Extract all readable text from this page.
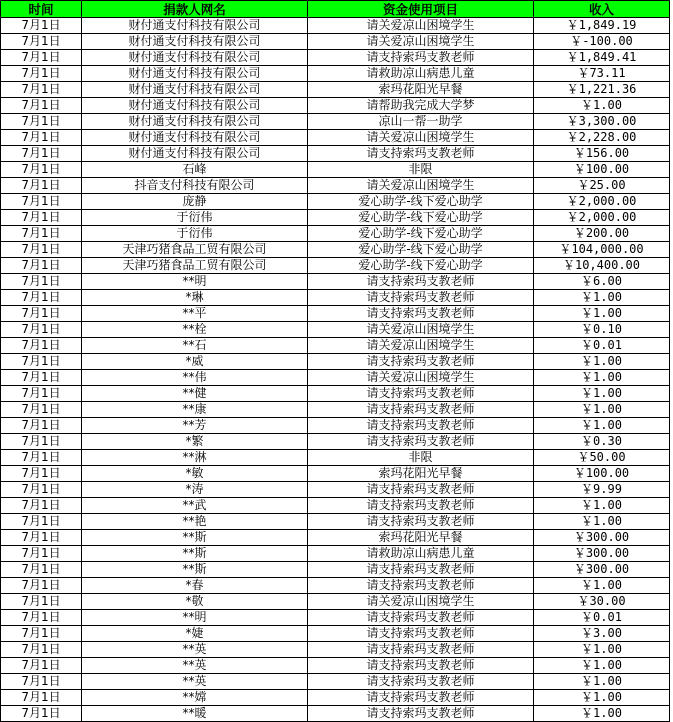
时间	捐款人网名	资金使用项目	收入
7月1日	财付通支付科技有限公司	请关爱凉山困境学生	￥1,849.19
7月1日	财付通支付科技有限公司	请关爱凉山困境学生	￥-100.00
7月1日	财付通支付科技有限公司	请支持索玛支教老师	￥1,849.41
7月1日	财付通支付科技有限公司	请救助凉山病患儿童	￥73.11
7月1日	财付通支付科技有限公司	索玛花阳光早餐	￥1,221.36
7月1日	财付通支付科技有限公司	请帮助我完成大学梦	￥1.00
7月1日	财付通支付科技有限公司	凉山一帮一助学	￥3,300.00
7月1日	财付通支付科技有限公司	请关爱凉山困境学生	￥2,228.00
7月1日	财付通支付科技有限公司	请支持索玛支教老师	￥156.00
7月1日	石峰	非限	￥100.00
7月1日	抖音支付科技有限公司	请关爱凉山困境学生	￥25.00
7月1日	庞静	爱心助学-线下爱心助学	￥2,000.00
7月1日	于衍伟	爱心助学-线下爱心助学	￥2,000.00
7月1日	于衍伟	爱心助学-线下爱心助学	￥200.00
7月1日	天津巧猪食品工贸有限公司	爱心助学-线下爱心助学	￥104,000.00
7月1日	天津巧猪食品工贸有限公司	爱心助学-线下爱心助学	￥10,400.00
7月1日	**明	请支持索玛支教老师	￥6.00
7月1日	*琳	请支持索玛支教老师	￥1.00
7月1日	**平	请支持索玛支教老师	￥1.00
7月1日	**栓	请关爱凉山困境学生	￥0.10
7月1日	**石	请关爱凉山困境学生	￥0.01
7月1日	*威	请支持索玛支教老师	￥1.00
7月1日	**伟	请关爱凉山困境学生	￥1.00
7月1日	**健	请支持索玛支教老师	￥1.00
7月1日	**康	请支持索玛支教老师	￥1.00
7月1日	**芳	请支持索玛支教老师	￥1.00
7月1日	*繁	请支持索玛支教老师	￥0.30
7月1日	**淋	非限	￥50.00
7月1日	*敏	索玛花阳光早餐	￥100.00
7月1日	*涛	请支持索玛支教老师	￥9.99
7月1日	**武	请支持索玛支教老师	￥1.00
7月1日	**艳	请支持索玛支教老师	￥1.00
7月1日	**斯	索玛花阳光早餐	￥300.00
7月1日	**斯	请救助凉山病患儿童	￥300.00
7月1日	**斯	请支持索玛支教老师	￥300.00
7月1日	*春	请支持索玛支教老师	￥1.00
7月1日	*敬	请关爱凉山困境学生	￥30.00
7月1日	**明	请支持索玛支教老师	￥0.01
7月1日	*婕	请支持索玛支教老师	￥3.00
7月1日	**英	请支持索玛支教老师	￥1.00
7月1日	**英	请支持索玛支教老师	￥1.00
7月1日	**英	请支持索玛支教老师	￥1.00
7月1日	**嫦	请支持索玛支教老师	￥1.00
7月1日	**暖	请支持索玛支教老师	￥1.00
